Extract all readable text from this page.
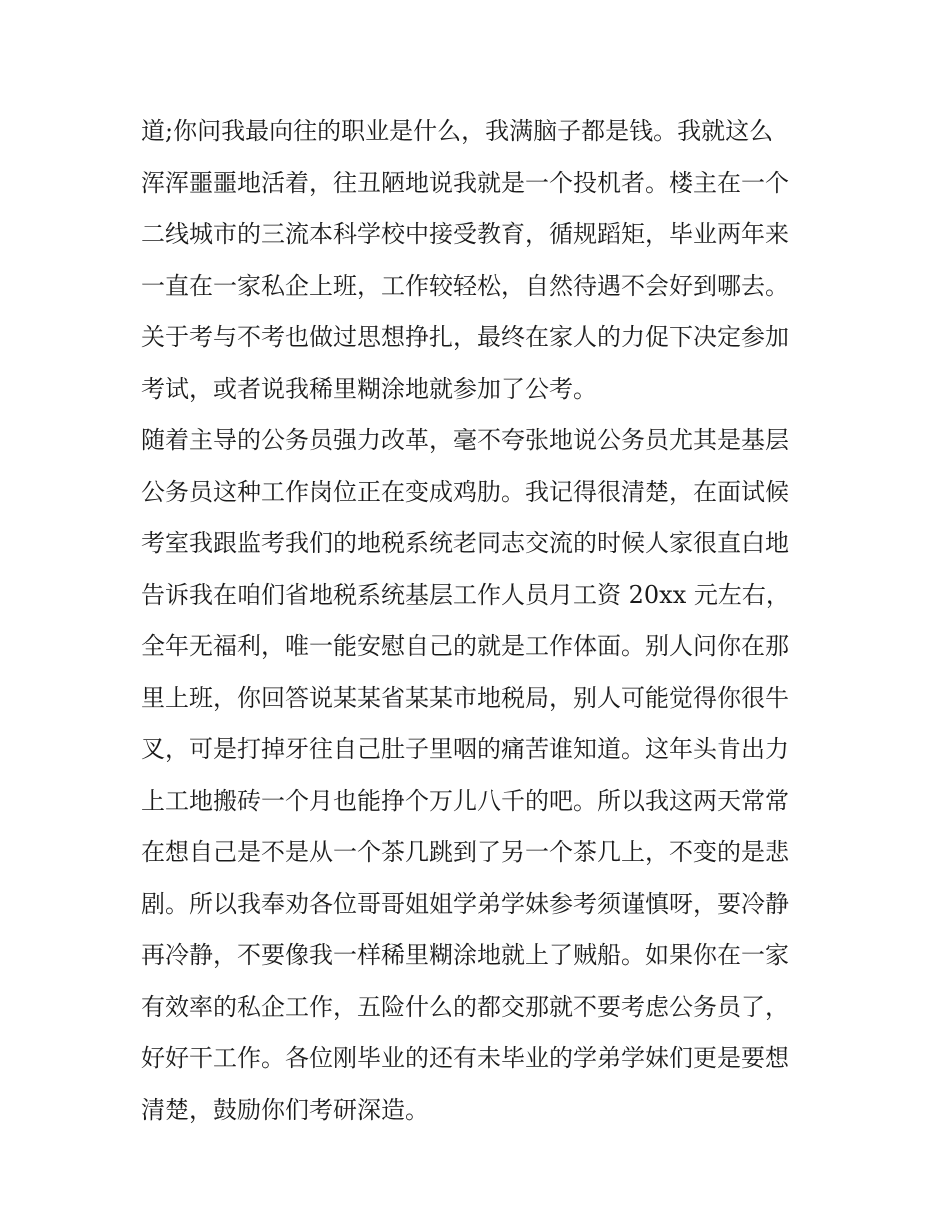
道;你问我最向往的职业是什么，我满脑子都是钱。我就这么
浑浑噩噩地活着，往丑陋地说我就是一个投机者。楼主在一个
二线城市的三流本科学校中接受教育，循规蹈矩，毕业两年来
一直在一家私企上班，工作较轻松，自然待遇不会好到哪去。
关于考与不考也做过思想挣扎，最终在家人的力促下决定参加
考试，或者说我稀里糊涂地就参加了公考。
随着主导的公务员强力改革，毫不夸张地说公务员尤其是基层
公务员这种工作岗位正在变成鸡肋。我记得很清楚，在面试候
考室我跟监考我们的地税系统老同志交流的时候人家很直白地
告诉我在咱们省地税系统基层工作人员月工资 20xx 元左右，
全年无福利，唯一能安慰自己的就是工作体面。别人问你在那
里上班，你回答说某某省某某市地税局，别人可能觉得你很牛
叉，可是打掉牙往自己肚子里咽的痛苦谁知道。这年头肯出力
上工地搬砖一个月也能挣个万儿八千的吧。所以我这两天常常
在想自己是不是从一个茶几跳到了另一个茶几上，不变的是悲
剧。所以我奉劝各位哥哥姐姐学弟学妹参考须谨慎呀，要冷静
再冷静，不要像我一样稀里糊涂地就上了贼船。如果你在一家
有效率的私企工作，五险什么的都交那就不要考虑公务员了，
好好干工作。各位刚毕业的还有未毕业的学弟学妹们更是要想
清楚，鼓励你们考研深造。
